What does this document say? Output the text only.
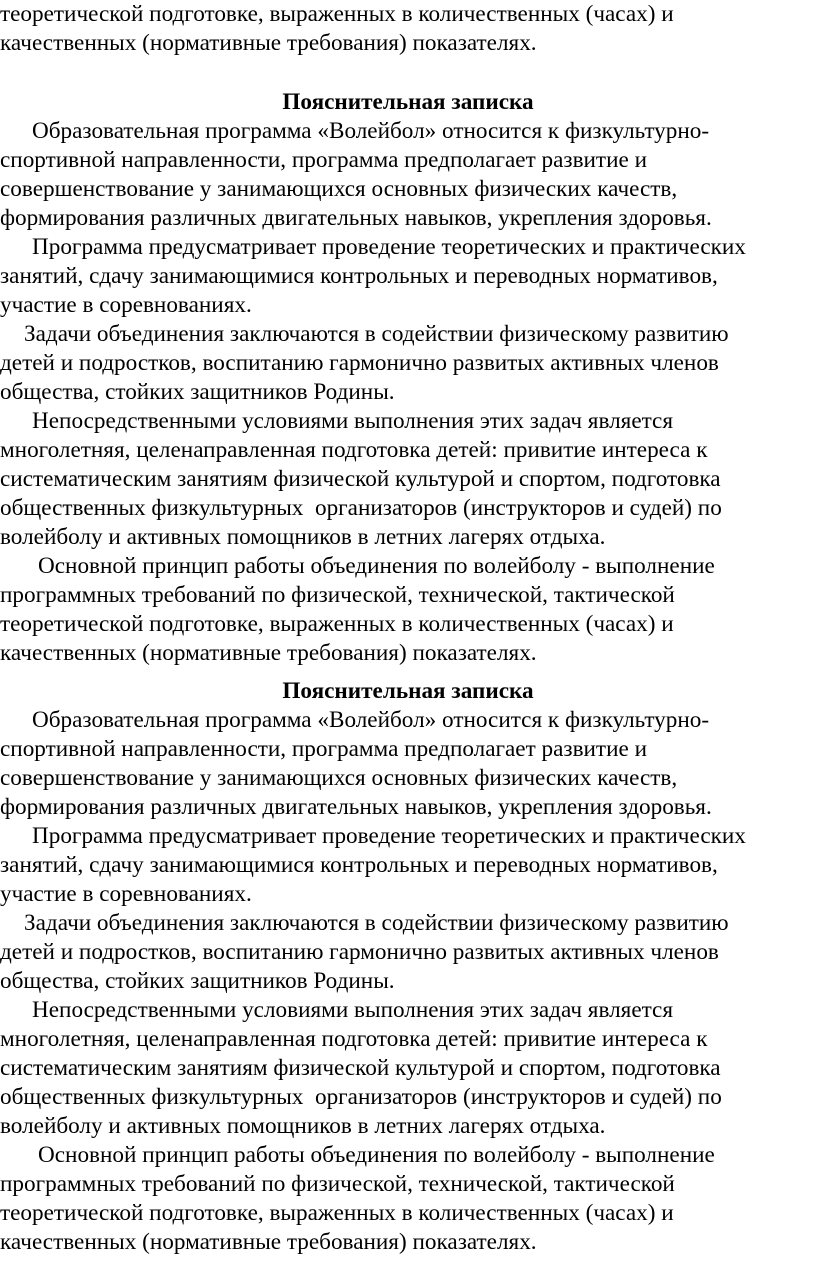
теоретической подготовке, выраженных в количественных (часах) и
качественных (нормативные требования) показателях.
Пояснительная записка
Образовательная программа «Волейбол» относится к физкультурно-
спортивной направленности, программа предполагает развитие и
совершенствование у занимающихся основных физических качеств,
формирования различных двигательных навыков, укрепления здоровья.
Программа предусматривает проведение теоретических и практических
занятий, сдачу занимающимися контрольных и переводных нормативов,
участие в соревнованиях.
Задачи объединения заключаются в содействии физическому развитию
детей и подростков, воспитанию гармонично развитых активных членов
общества, стойких защитников Родины.
Непосредственными условиями выполнения этих задач является
многолетняя, целенаправленная подготовка детей: привитие интереса к
систематическим занятиям физической культурой и спортом, подготовка
общественных физкультурных  организаторов (инструкторов и судей) по
волейболу и активных помощников в летних лагерях отдыха.
Основной принцип работы объединения по волейболу - выполнение
программных требований по физической, технической, тактической
теоретической подготовке, выраженных в количественных (часах) и
качественных (нормативные требования) показателях.
Пояснительная записка
Образовательная программа «Волейбол» относится к физкультурно-
спортивной направленности, программа предполагает развитие и
совершенствование у занимающихся основных физических качеств,
формирования различных двигательных навыков, укрепления здоровья.
Программа предусматривает проведение теоретических и практических
занятий, сдачу занимающимися контрольных и переводных нормативов,
участие в соревнованиях.
Задачи объединения заключаются в содействии физическому развитию
детей и подростков, воспитанию гармонично развитых активных членов
общества, стойких защитников Родины.
Непосредственными условиями выполнения этих задач является
многолетняя, целенаправленная подготовка детей: привитие интереса к
систематическим занятиям физической культурой и спортом, подготовка
общественных физкультурных  организаторов (инструкторов и судей) по
волейболу и активных помощников в летних лагерях отдыха.
Основной принцип работы объединения по волейболу - выполнение
программных требований по физической, технической, тактической
теоретической подготовке, выраженных в количественных (часах) и
качественных (нормативные требования) показателях.
